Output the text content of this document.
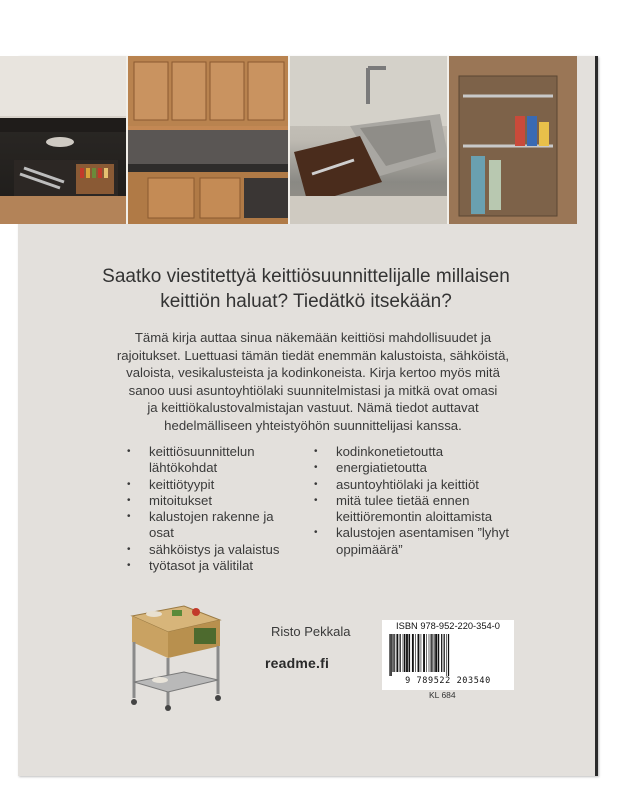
Saatko viestitettyä keittiösuunnittelijalle millaisen
keittiön haluat? Tiedätkö itsekään?

Tämä kirja auttaa sinua näkemään keittiösi mahdollisuudet ja
rajoitukset. Luettuasi tämän tiedät enemmän kalustoista, sähköistä,
valoista, vesikalusteista ja kodinkoneista. Kirja kertoo myös mitä
sanoo uusi asuntoyhtiölaki suunnitelmistasi ja mitkä ovat omasi
ja keittiökalustovalmistajan vastuut. Nämä tiedot auttavat
hedelmälliseen yhteistyöhön suunnittelijasi kanssa.

• keittiösuunnittelun lähtökohdat
• keittiötyypit
• mitoitukset
• kalustojen rakenne ja osat
• sähköistys ja valaistus
• työtasot ja välitilat
• kodinkonetietoutta
• energiatietoutta
• asuntoyhtiölaki ja keittiöt
• mitä tulee tietää ennen keittiöremontin aloittamista
• kalustojen asentamisen ”lyhyt oppimäärä”
Risto Pekkala
readme.fi
ISBN 978-952-220-354-0
9 789522 203540
KL 684
